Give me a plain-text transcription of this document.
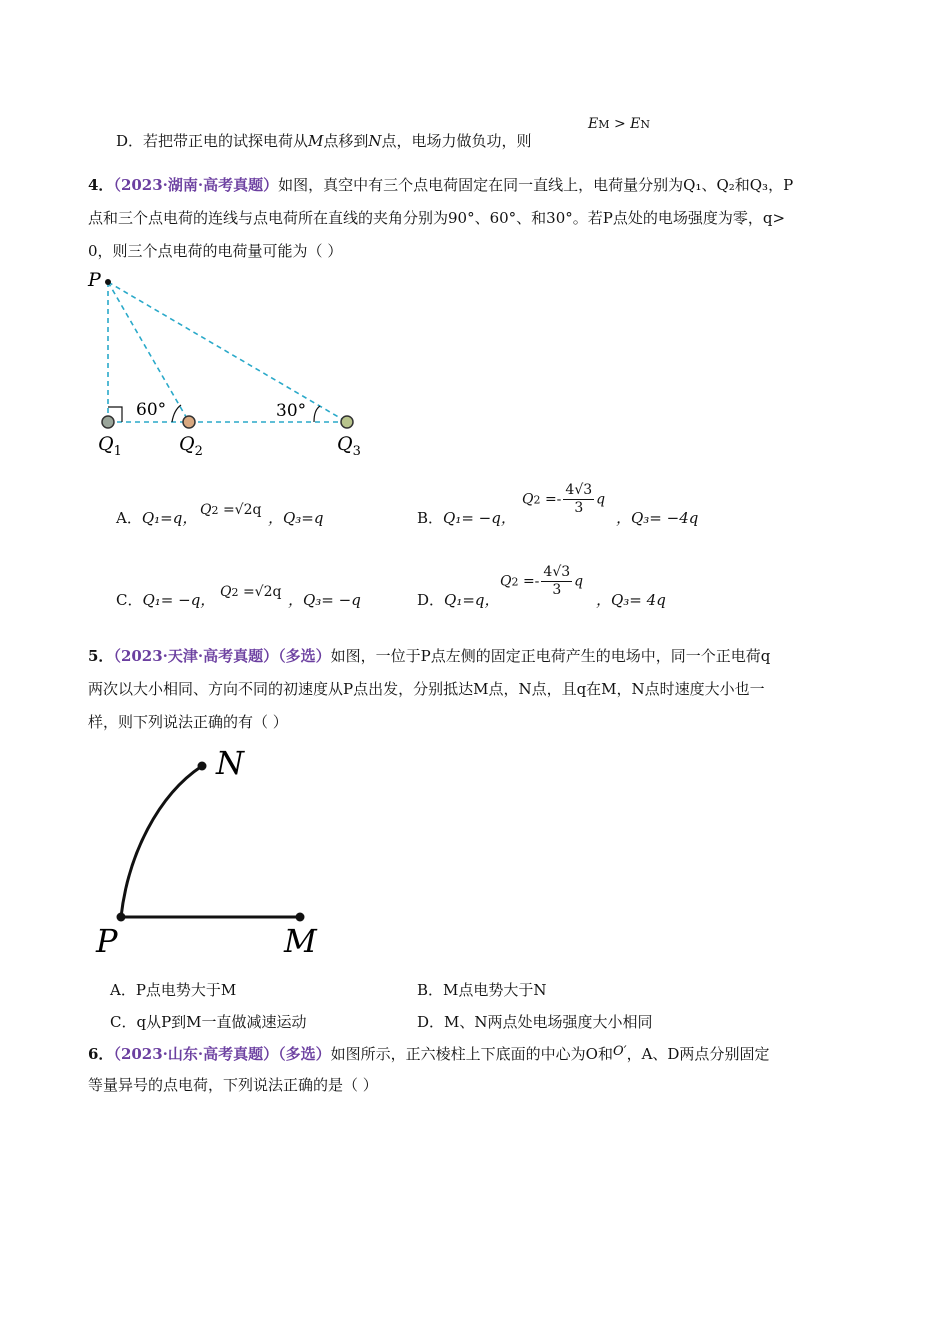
D．若把带正电的试探电荷从M点移到N点，电场力做负功，则
EM > EN
4．（2023·湖南·高考真题）如图，真空中有三个点电荷固定在同一直线上，电荷量分别为Q₁、Q₂和Q₃，P
点和三个点电荷的连线与点电荷所在直线的夹角分别为90°、60°、和30°。若P点处的电场强度为零，q>
0，则三个点电荷的电荷量可能为（ ）
P
60°	30°
$Q_1$	$Q_2$	$Q_3$
A．Q₁=q， Q2 =√2q ，Q₃=q	B．Q₁= −q，
$Q2 =- \frac{4√3}{3}$ q
，Q₃= −4q
C．Q₁= −q， Q2 =√2q ，Q₃= −q	D．Q₁=q，
$Q2 =- \frac{4√3}{3}$ q
，Q₃= 4q
5．（2023·天津·高考真题）（多选）如图，一位于P点左侧的固定正电荷产生的电场中，同一个正电荷q
两次以大小相同、方向不同的初速度从P点出发，分别抵达M点，N点，且q在M，N点时速度大小也一
样，则下列说法正确的有（ ）
N
P	M
A．P点电势大于M	B．M点电势大于N
C．q从P到M一直做减速运动	D．M、N两点处电场强度大小相同
6．（2023·山东·高考真题）（多选）如图所示，正六棱柱上下底面的中心为O和O′，A、D两点分别固定
等量异号的点电荷，下列说法正确的是（ ）
